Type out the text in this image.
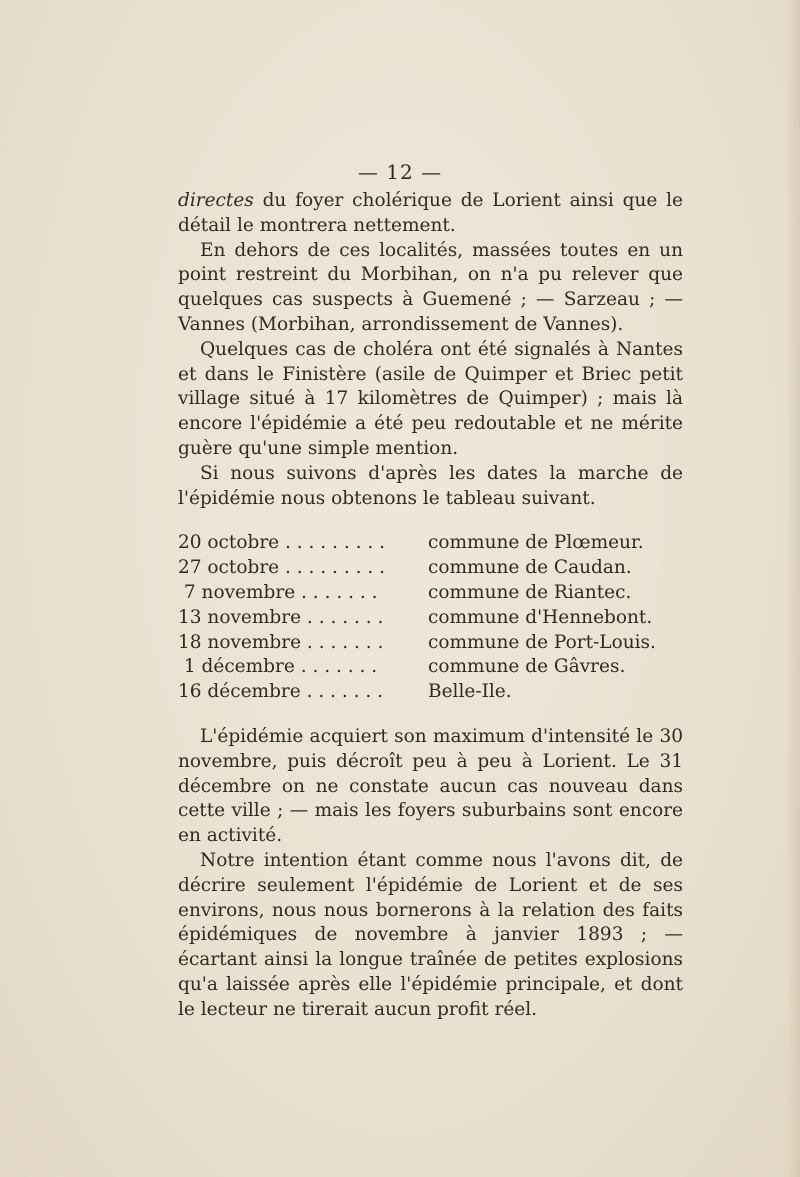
— 12 —

directes du foyer cholérique de Lorient ainsi que le détail le montrera nettement.

En dehors de ces localités, massées toutes en un point restreint du Morbihan, on n'a pu relever que quelques cas suspects à Guemené ; — Sarzeau ; — Vannes (Morbihan, arrondissement de Vannes).

Quelques cas de choléra ont été signalés à Nantes et dans le Finistère (asile de Quimper et Briec petit village situé à 17 kilomètres de Quimper) ; mais là encore l'épidémie a été peu redoutable et ne mérite guère qu'une simple mention.

Si nous suivons d'après les dates la marche de l'épidémie nous obtenons le tableau suivant.

20 octobre . . . . . . . . .	commune de Plœmeur.
27 octobre . . . . . . . . .	commune de Caudan.
7 novembre . . . . . . .	commune de Riantec.
13 novembre . . . . . . .	commune d'Hennebont.
18 novembre . . . . . . .	commune de Port-Louis.
1 décembre . . . . . . .	commune de Gâvres.
16 décembre . . . . . . .	Belle-Ile.

L'épidémie acquiert son maximum d'intensité le 30 novembre, puis décroît peu à peu à Lorient. Le 31 décembre on ne constate aucun cas nouveau dans cette ville ; — mais les foyers suburbains sont encore en activité.

Notre intention étant comme nous l'avons dit, de décrire seulement l'épidémie de Lorient et de ses environs, nous nous bornerons à la relation des faits épidémiques de novembre à janvier 1893 ; — écartant ainsi la longue traînée de petites explosions qu'a laissée après elle l'épidémie principale, et dont le lecteur ne tirerait aucun profit réel.
